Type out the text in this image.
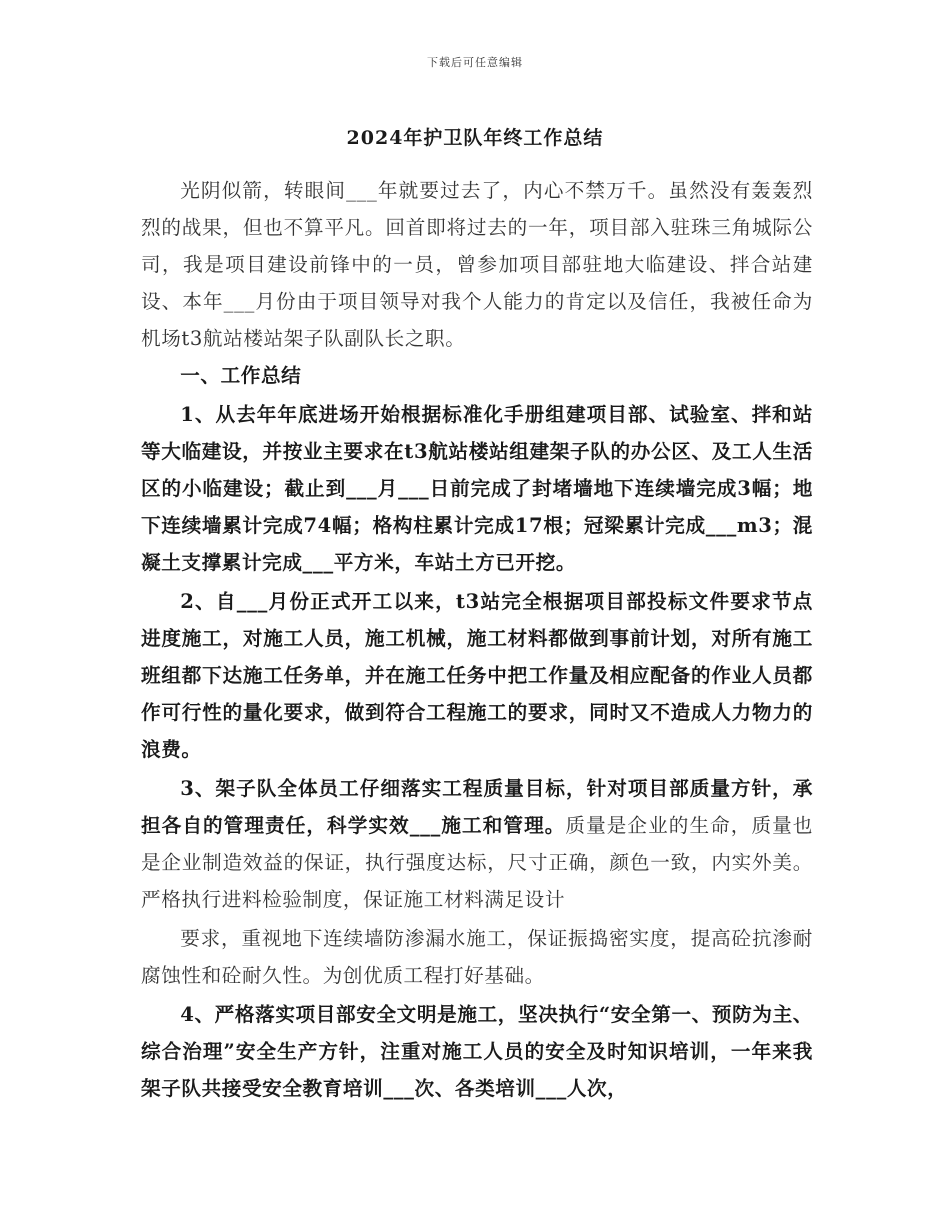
下载后可任意编辑
2024年护卫队年终工作总结

光阴似箭，转眼间___年就要过去了，内心不禁万千。虽然没有轰轰烈烈的战果，但也不算平凡。回首即将过去的一年，项目部入驻珠三角城际公司，我是项目建设前锋中的一员，曾参加项目部驻地大临建设、拌合站建设、本年___月份由于项目领导对我个人能力的肯定以及信任，我被任命为机场t3航站楼站架子队副队长之职。

一、工作总结

1、从去年年底进场开始根据标准化手册组建项目部、试验室、拌和站等大临建设，并按业主要求在t3航站楼站组建架子队的办公区、及工人生活区的小临建设；截止到___月___日前完成了封堵墙地下连续墙完成3幅；地下连续墙累计完成74幅；格构柱累计完成17根；冠梁累计完成___m3；混凝土支撑累计完成___平方米，车站土方已开挖。

2、自___月份正式开工以来，t3站完全根据项目部投标文件要求节点进度施工，对施工人员，施工机械，施工材料都做到事前计划，对所有施工班组都下达施工任务单，并在施工任务中把工作量及相应配备的作业人员都作可行性的量化要求，做到符合工程施工的要求，同时又不造成人力物力的浪费。

3、架子队全体员工仔细落实工程质量目标，针对项目部质量方针，承担各自的管理责任，科学实效___施工和管理。质量是企业的生命，质量也是企业制造效益的保证，执行强度达标，尺寸正确，颜色一致，内实外美。严格执行进料检验制度，保证施工材料满足设计

要求，重视地下连续墙防渗漏水施工，保证振捣密实度，提高砼抗渗耐腐蚀性和砼耐久性。为创优质工程打好基础。

4、严格落实项目部安全文明是施工，坚决执行“安全第一、预防为主、综合治理”安全生产方针，注重对施工人员的安全及时知识培训，一年来我架子队共接受安全教育培训___次、各类培训___人次，
